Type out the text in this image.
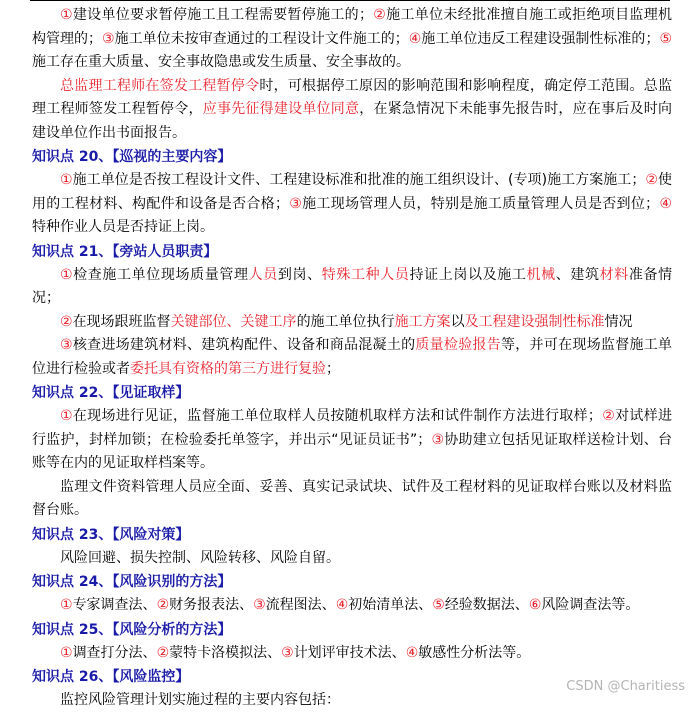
①建设单位要求暂停施工且工程需要暂停施工的；②施工单位未经批准擅自施工或拒绝项目监理机构管理的；③施工单位未按审查通过的工程设计文件施工的；④施工单位违反工程建设强制性标准的；⑤施工存在重大质量、安全事故隐患或发生质量、安全事故的。
总监理工程师在签发工程暂停令时，可根据停工原因的影响范围和影响程度，确定停工范围。总监理工程师签发工程暂停令，应事先征得建设单位同意，在紧急情况下未能事先报告时，应在事后及时向建设单位作出书面报告。
知识点 20、【巡视的主要内容】
①施工单位是否按工程设计文件、工程建设标准和批准的施工组织设计、(专项)施工方案施工；②使用的工程材料、构配件和设备是否合格；③施工现场管理人员，特别是施工质量管理人员是否到位；④特种作业人员是否持证上岗。
知识点 21、【旁站人员职责】
①检查施工单位现场质量管理人员到岗、特殊工种人员持证上岗以及施工机械、建筑材料准备情况；
②在现场跟班监督关键部位、关键工序的施工单位执行施工方案以及工程建设强制性标准情况
③核查进场建筑材料、建筑构配件、设备和商品混凝土的质量检验报告等，并可在现场监督施工单位进行检验或者委托具有资格的第三方进行复验；
知识点 22、【见证取样】
①在现场进行见证，监督施工单位取样人员按随机取样方法和试件制作方法进行取样；②对试样进行监护，封样加锁；在检验委托单签字，并出示“见证员证书”；③协助建立包括见证取样送检计划、台账等在内的见证取样档案等。
监理文件资料管理人员应全面、妥善、真实记录试块、试件及工程材料的见证取样台账以及材料监督台账。
知识点 23、【风险对策】
风险回避、损失控制、风险转移、风险自留。
知识点 24、【风险识别的方法】
①专家调查法、②财务报表法、③流程图法、④初始清单法、⑤经验数据法、⑥风险调查法等。
知识点 25、【风险分析的方法】
①调查打分法、②蒙特卡洛模拟法、③计划评审技术法、④敏感性分析法等。
知识点 26、【风险监控】
监控风险管理计划实施过程的主要内容包括：
CSDN @Charitiess
